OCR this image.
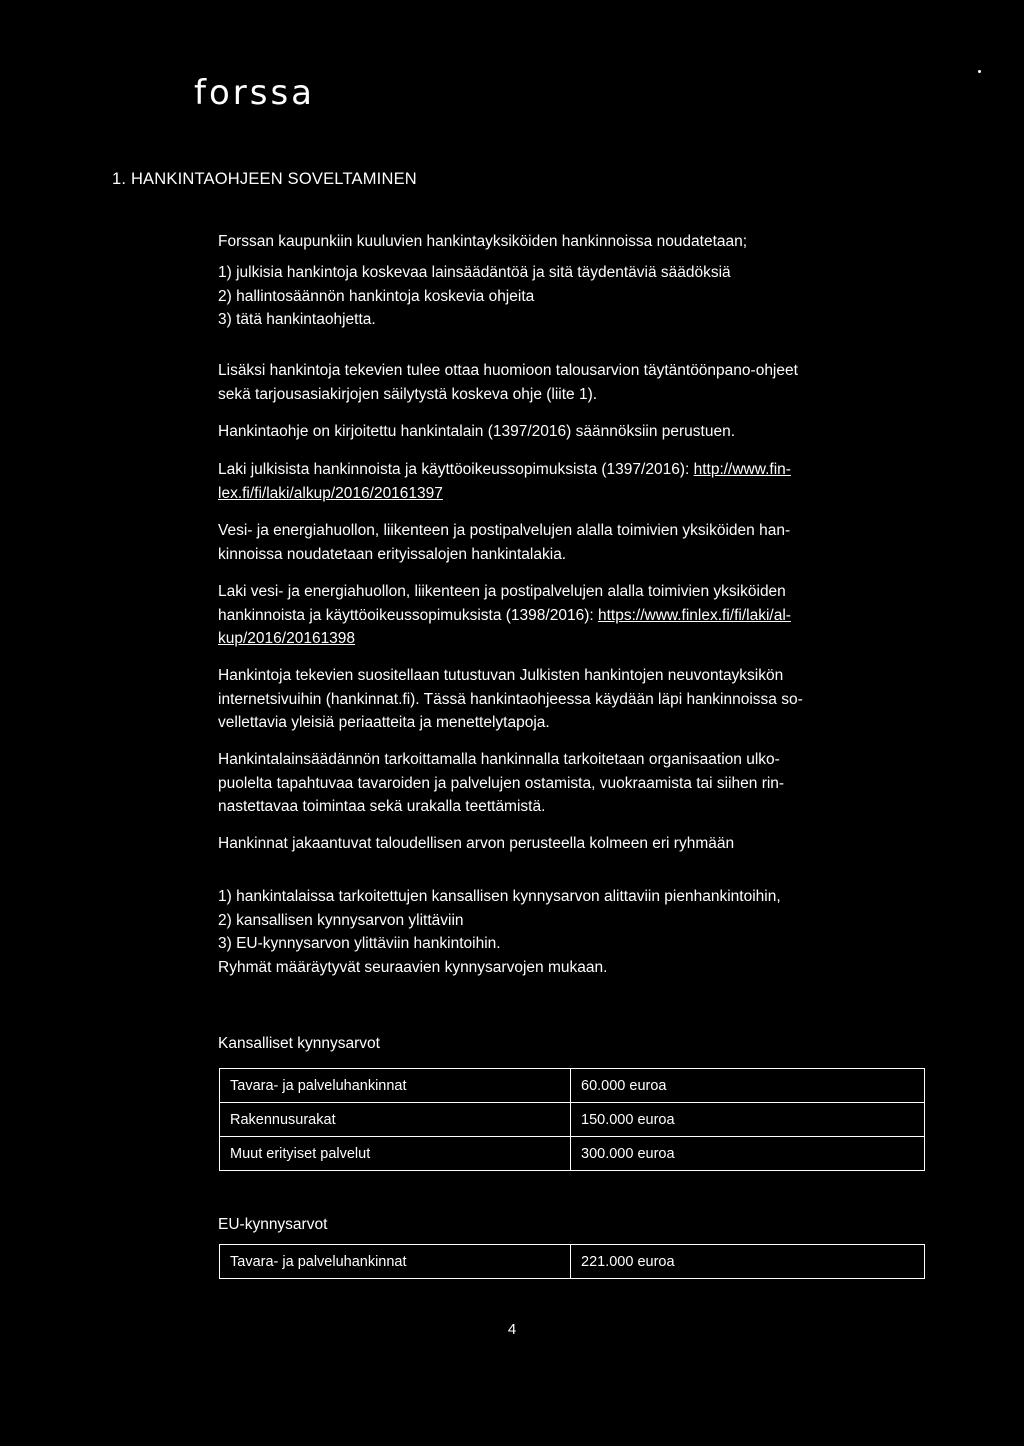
forssa
1. HANKINTAOHJEEN SOVELTAMINEN
Forssan kaupunkiin kuuluvien hankintayksiköiden hankinnoissa noudatetaan;
1) julkisia hankintoja koskevaa lainsäädäntöä ja sitä täydentäviä säädöksiä
2) hallintosäännön hankintoja koskevia ohjeita
3) tätä hankintaohjetta.
Lisäksi hankintoja tekevien tulee ottaa huomioon talousarvion täytäntöönpano-ohjeet
sekä tarjousasiakirjojen säilytystä koskeva ohje (liite 1).
Hankintaohje on kirjoitettu hankintalain (1397/2016) säännöksiin perustuen.
Laki julkisista hankinnoista ja käyttöoikeussopimuksista (1397/2016): http://www.fin-
lex.fi/fi/laki/alkup/2016/20161397
Vesi- ja energiahuollon, liikenteen ja postipalvelujen alalla toimivien yksiköiden han-
kinnoissa noudatetaan erityissalojen hankintalakia.
Laki vesi- ja energiahuollon, liikenteen ja postipalvelujen alalla toimivien yksiköiden
hankinnoista ja käyttöoikeussopimuksista (1398/2016): https://www.finlex.fi/fi/laki/al-
kup/2016/20161398
Hankintoja tekevien suositellaan tutustuvan Julkisten hankintojen neuvontayksikön
internetsivuihin (hankinnat.fi). Tässä hankintaohjeessa käydään läpi hankinnoissa so-
vellettavia yleisiä periaatteita ja menettelytapoja.
Hankintalainsäädännön tarkoittamalla hankinnalla tarkoitetaan organisaation ulko-
puolelta tapahtuvaa tavaroiden ja palvelujen ostamista, vuokraamista tai siihen rin-
nastettavaa toimintaa sekä urakalla teettämistä.
Hankinnat jakaantuvat taloudellisen arvon perusteella kolmeen eri ryhmään
1) hankintalaissa tarkoitettujen kansallisen kynnysarvon alittaviin pienhankintoihin,
2) kansallisen kynnysarvon ylittäviin
3) EU-kynnysarvon ylittäviin hankintoihin.
Ryhmät määräytyvät seuraavien kynnysarvojen mukaan.
Kansalliset kynnysarvot
Tavara- ja palveluhankinnat	60.000 euroa
Rakennusurakat	150.000 euroa
Muut erityiset palvelut	300.000 euroa
EU-kynnysarvot
Tavara- ja palveluhankinnat	221.000 euroa
4
